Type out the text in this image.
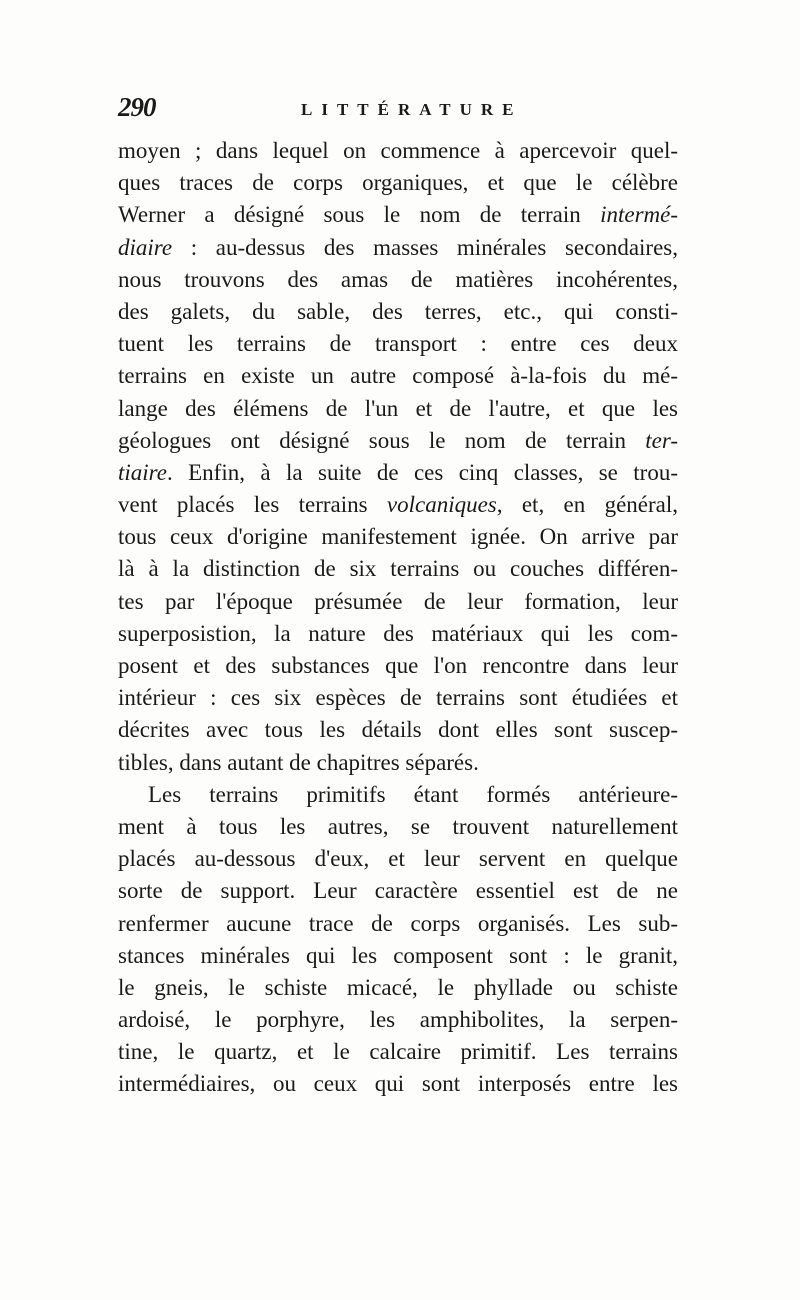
290	LITTÉRATURE
moyen ; dans lequel on commence à apercevoir quel-
ques traces de corps organiques, et que le célèbre
Werner a désigné sous le nom de terrain intermé-
diaire : au-dessus des masses minérales secondaires,
nous trouvons des amas de matières incohérentes,
des galets, du sable, des terres, etc., qui consti-
tuent les terrains de transport : entre ces deux
terrains en existe un autre composé à-la-fois du mé-
lange des élémens de l'un et de l'autre, et que les
géologues ont désigné sous le nom de terrain ter-
tiaire. Enfin, à la suite de ces cinq classes, se trou-
vent placés les terrains volcaniques, et, en général,
tous ceux d'origine manifestement ignée. On arrive par
là à la distinction de six terrains ou couches différen-
tes par l'époque présumée de leur formation, leur
superposistion, la nature des matériaux qui les com-
posent et des substances que l'on rencontre dans leur
intérieur : ces six espèces de terrains sont étudiées et
décrites avec tous les détails dont elles sont suscep-
tibles, dans autant de chapitres séparés.
Les terrains primitifs étant formés antérieure-
ment à tous les autres, se trouvent naturellement
placés au-dessous d'eux, et leur servent en quelque
sorte de support. Leur caractère essentiel est de ne
renfermer aucune trace de corps organisés. Les sub-
stances minérales qui les composent sont : le granit,
le gneis, le schiste micacé, le phyllade ou schiste
ardoisé, le porphyre, les amphibolites, la serpen-
tine, le quartz, et le calcaire primitif. Les terrains
intermédiaires, ou ceux qui sont interposés entre les
